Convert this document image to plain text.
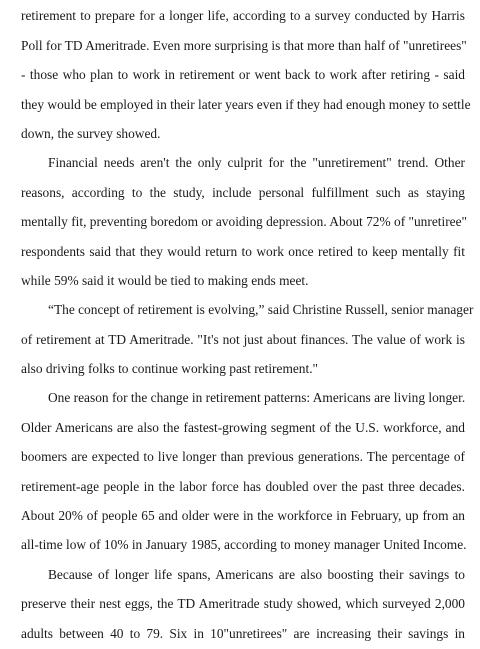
retirement to prepare for a longer life, according to a survey conducted by Harris
Poll for TD Ameritrade. Even more surprising is that more than half of "unretirees"
- those who plan to work in retirement or went back to work after retiring - said
they would be employed in their later years even if they had enough money to settle
down, the survey showed.
Financial needs aren't the only culprit for the "unretirement" trend. Other
reasons, according to the study, include personal fulfillment such as staying
mentally fit, preventing boredom or avoiding depression. About 72% of "unretiree"
respondents said that they would return to work once retired to keep mentally fit
while 59% said it would be tied to making ends meet.
“The concept of retirement is evolving,” said Christine Russell, senior manager
of retirement at TD Ameritrade. "It's not just about finances. The value of work is
also driving folks to continue working past retirement."
One reason for the change in retirement patterns: Americans are living longer.
Older Americans are also the fastest-growing segment of the U.S. workforce, and
boomers are expected to live longer than previous generations. The percentage of
retirement-age people in the labor force has doubled over the past three decades.
About 20% of people 65 and older were in the workforce in February, up from an
all-time low of 10% in January 1985, according to money manager United Income.
Because of longer life spans, Americans are also boosting their savings to
preserve their nest eggs, the TD Ameritrade study showed, which surveyed 2,000
adults between 40 to 79. Six in 10"unretirees" are increasing their savings in
